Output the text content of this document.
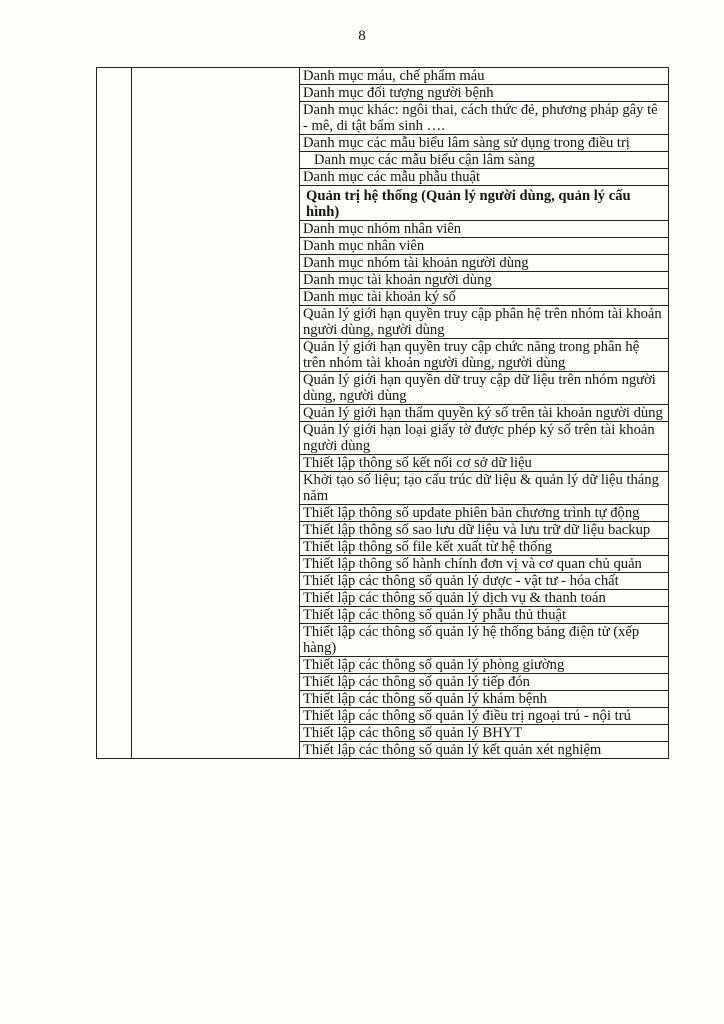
8
		Danh mục máu, chế phẩm máu
Danh mục đối tượng người bệnh
Danh mục khác: ngôi thai, cách thức đẻ, phương pháp gây tê - mê, di tật bẩm sinh ….
Danh mục các mẫu biểu lâm sàng sử dụng trong điều trị
Danh mục các mẫu biểu cận lâm sàng
Danh mục các mẫu phẫu thuật
Quản trị hệ thống (Quản lý người dùng, quản lý cấu hình)
Danh mục nhóm nhân viên
Danh mục nhân viên
Danh mục nhóm tài khoản người dùng
Danh mục tài khoản người dùng
Danh mục tài khoản ký số
Quản lý giới hạn quyền truy cập phân hệ trên nhóm tài khoản người dùng, người dùng
Quản lý giới hạn quyền truy cập chức năng trong phân hệ trên nhóm tài khoản người dùng, người dùng
Quản lý giới hạn quyền dữ truy cập dữ liệu trên nhóm người dùng, người dùng
Quản lý giới hạn thẩm quyền ký số trên tài khoản người dùng
Quản lý giới hạn loại giấy tờ được phép ký số trên tài khoản người dùng
Thiết lập thông số kết nối cơ sở dữ liệu
Khởi tạo số liệu; tạo cấu trúc dữ liệu & quản lý dữ liệu tháng năm
Thiết lập thông số update phiên bản chương trình tự động
Thiết lập thông số sao lưu dữ liệu và lưu trữ dữ liệu backup
Thiết lập thông số file kết xuất từ hệ thống
Thiết lập thông số hành chính đơn vị và cơ quan chủ quản
Thiết lập các thông số quản lý dược - vật tư - hóa chất
Thiết lập các thông số quản lý dịch vụ & thanh toán
Thiết lập các thông số quản lý phẫu thủ thuật
Thiết lập các thông số quản lý hệ thống bảng điện tử (xếp hàng)
Thiết lập các thông số quản lý phòng giường
Thiết lập các thông số quản lý tiếp đón
Thiết lập các thông số quản lý khám bệnh
Thiết lập các thông số quản lý điều trị ngoại trú - nội trú
Thiết lập các thông số quản lý BHYT
Thiết lập các thông số quản lý kết quản xét nghiệm
